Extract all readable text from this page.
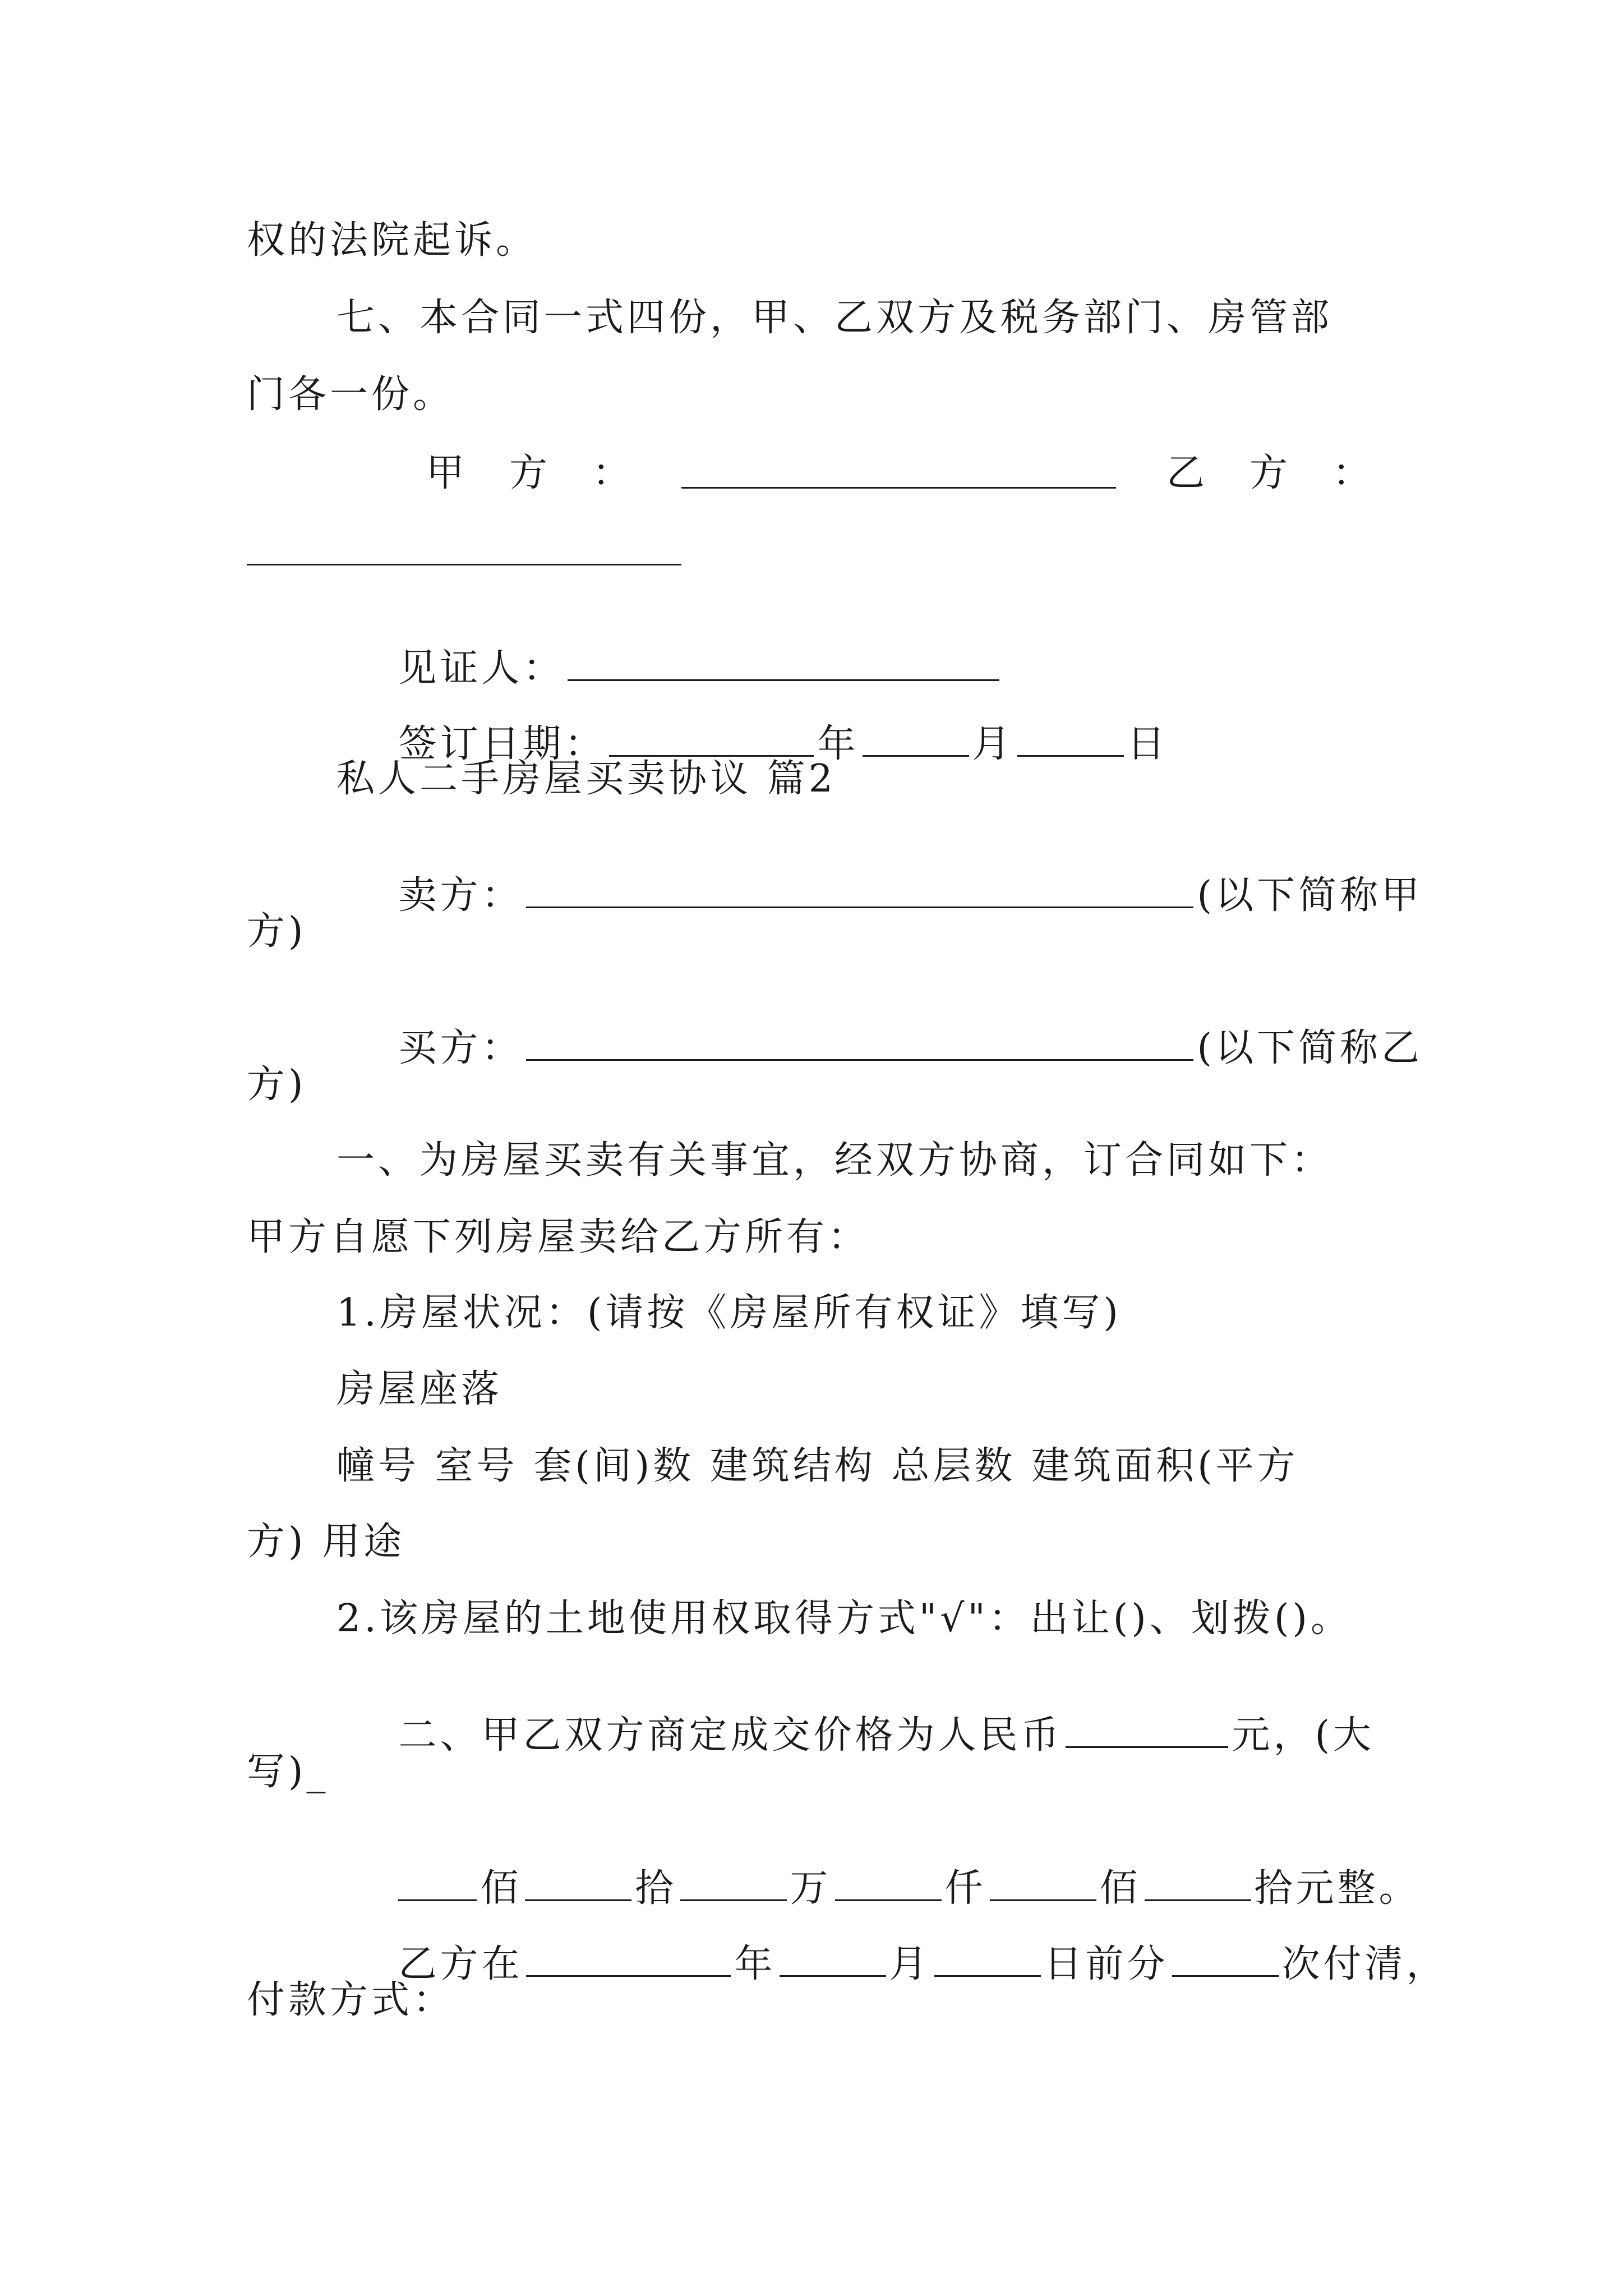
权的法院起诉。
七、本合同一式四份，甲、乙双方及税务部门、房管部
门各一份。
甲　方　：	乙　方　：

见证人：

签订日期：	年	月	日

私人二手房屋买卖协议 篇2

卖方：	(以下简称甲

方)

买方：	(以下简称乙

方)
一、为房屋买卖有关事宜，经双方协商，订合同如下：
甲方自愿下列房屋卖给乙方所有：
1.房屋状况：(请按《房屋所有权证》填写)
房屋座落
幢号 室号 套(间)数 建筑结构 总层数 建筑面积(平方
方) 用途
2.该房屋的土地使用权取得方式"√"：出让()、划拨()。

二、甲乙双方商定成交价格为人民币	元，(大

写)_

佰	拾	万	仟	佰	拾元整。

乙方在	年	月	日前分	次付清，

付款方式：
